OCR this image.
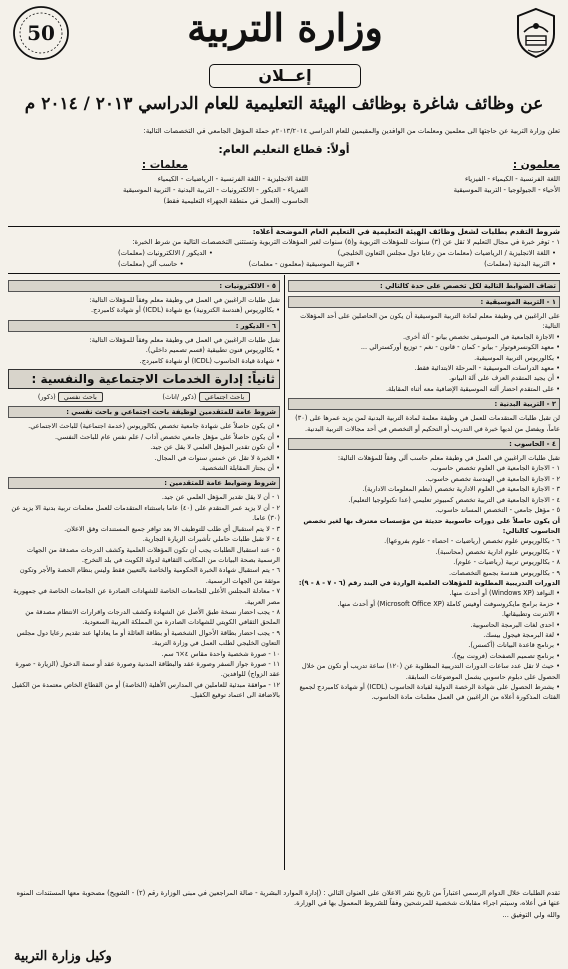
وزارة التربية
50
إعــلان
عن وظائف شاغرة بوظائف الهيئة التعليمية للعام الدراسي ٢٠١٣ / ٢٠١٤ م
تعلن وزارة التربية عن حاجتها الى معلمين ومعلمات من الوافدين والمقيمين للعام الدراسي ٢٠١٣/٢٠١٤م حملة المؤهل الجامعي في التخصصات التالية:
أولاً: قطاع التعليم العام:
معلمون :
اللغة الفرنسية - الكيمياء - الفيزياء
الأحياء - الجيولوجيا - التربية الموسيقية
معلمات :
اللغة الانجليزية - اللغة الفرنسية - الرياضيات - الكيمياء
الفيزياء - الديكور - الالكترونيات - التربية البدنية - التربية الموسيقية
الحاسوب (العمل في منطقة الجهراء التعليمية فقط)
شروط التقدم بطلبات لشغل وظائف الهيئة التعليمية في التعليم العام الموضحة أعلاه:
١ - توفر خبرة في مجال التعليم لا تقل عن (٣) سنوات للمؤهلات التربوية و(٥) سنوات لغير المؤهلات التربوية وتستثنى التخصصات التالية من شرط الخبرة:
• اللغة الانجليزية / الرياضيات (معلمات من رعايا دول مجلس التعاون الخليجي)
• الديكور / الالكترونيات (معلمات)
• التربية البدنية (معلمات)
• التربية الموسيقية (معلمون - معلمات)
• حاسب آلي (معلمات)
تضاف الضوابط التالية لكل تخصص على حدة كالتالي :
١ - التربية الموسيقية :
على الراغبين في وظيفة معلم لمادة التربية الموسيقية أن يكون من الحاصلين على أحد المؤهلات التالية:
• الاجازة الجامعية في الموسيقى تخصص بيانو - آلة أخرى.
• معهد الكونسرفوتوار - بيانو - كمان - قانون - نغم - توزيع أوركسترالي ...
• بكالوريوس التربية الموسيقية.
• معهد الدراسات الموسيقية - المرحلة الابتدائية فقط.
• أن يجيد المتقدم العزف على آلة البيانو.
• على المتقدم احضار آلته الموسيقية الإضافية معه أثناء المقابلة.
٢ - التربية البدنية :
لن تقبل طلبات المتقدمات للعمل في وظيفة معلمة لمادة التربية البدنية لمن يزيد عمرها على (٣٠) عاماً، ويفضل من لديها خبرة في التدريب أو التحكيم أو التخصص في أحد مجالات التربية البدنية.
٤ - الحاسوب :
تقبل طلبات الراغبين في العمل في وظيفة معلم حاسب آلي وفقاً للمؤهلات التالية:
١ - الاجازة الجامعية في العلوم تخصص حاسوب.
٢ - الاجازة الجامعية في الهندسة تخصص حاسوب.
٣ - الاجازة الجامعية في العلوم الادارية تخصص (نظم المعلومات الادارية).
٤ - الاجازة الجامعية في التربية تخصص كمبيوتر تعليمي (عدا تكنولوجيا التعليم).
٥ - مؤهل جامعي - التخصص المساند حاسوب.
أن يكون حاصلاً على دورات حاسوبية حديثة من مؤسسات معترف بها لغير تخصص الحاسوب كالتالي:
٦ - بكالوريوس علوم تخصص (رياضيات - احصاء - علوم بفروعها).
٧ - بكالوريوس علوم ادارية تخصص (محاسبة).
٨ - بكالوريوس تربية (رياضيات - علوم).
٩ - بكالوريوس هندسة بجميع التخصصات.
الدورات التدريبية المطلوبة للمؤهلات العلمية الواردة في البند رقم (٦ - ٧ - ٨ - ٩):
• النوافذ (Windows XP) أو أحدث منها.
• حزمة برامج مايكروسوفت أوفيس كاملة (Microsoft Office XP) أو أحدث منها.
• الانترنت وتطبيقاتها.
• احدى لغات البرمجة الحاسوبية.
• لغة البرمجة فيجول بيسك.
• برنامج قاعدة البيانات (أكسس).
• برنامج تصميم الصفحات (فرونت بيج).
• حيث لا تقل عدد ساعات الدورات التدريبية المطلوبة عن (١٢٠) ساعة تدريب أو تكون من خلال الحصول على دبلوم حاسوبي يشمل الموضوعات السابقة.
• يشترط الحصول على شهادة الرخصة الدولية لقيادة الحاسوب (ICDL) أو شهادة كامبردج لجميع الفئات المذكورة أعلاه من الراغبين في العمل معلمات مادة الحاسوب.
٥ - الالكترونيات :
تقبل طلبات الراغبين في العمل في وظيفة معلم وفقاً للمؤهلات التالية:
• بكالوريوس (هندسة الكترونية) مع شهادة (ICDL) أو شهادة كامبردج.
٦ - الديكور :
تقبل طلبات الراغبين في العمل في وظيفة معلم وفقاً للمؤهلات التالية:
• بكالوريوس فنون تطبيقية (قسم تصميم داخلي).
• شهادة قيادة الحاسوب (ICDL) أو شهادة كامبردج.
ثانياً: إدارة الخدمات الاجتماعية والنفسية :
باحث اجتماعي (ذكور /اناث)
باحث نفسي (ذكور)
شروط عامة للمتقدمين لوظيفة باحث اجتماعي و باحث نفسي :
• ان يكون حاصلاً على شهادة جامعية تخصص بكالوريوس (خدمة اجتماعية) للباحث الاجتماعي.
• أن يكون حاصلاً على مؤهل جامعي تخصص آداب / علم نفس عام للباحث النفسي.
• أن تكون تقدير المؤهل العلمي لا يقل عن جيد.
• الخبرة لا تقل عن خمس سنوات في المجال.
• أن يجتاز المقابلة الشخصية.
شروط وضوابط عامة للمتقدمين :
١ - أن لا يقل تقدير المؤهل العلمي عن جيد.
٢ - أن لا يزيد عمر المتقدم على (٤٠) عاما باستثناء المتقدمات للعمل معلمات تربية بدنية الا يزيد عن (٣٠) عاما.
٣ - لا يتم استقبال أي طلب للتوظيف الا بعد توافر جميع المستندات وفق الاعلان.
٤ - لا تقبل طلبات حاملي تأشيرات الزيارة التجارية.
٥ - عند استقبال الطلبات يجب أن تكون المؤهلات العلمية وكشف الدرجات مصدقة من الجهات الرسمية بصحة البيانات من المكاتب الثقافية لدولة الكويت في بلد التخرج.
٦ - يتم استقبال شهادة الخبرة الحكومية والخاصة بالتعيين فقط وليس بنظام الحصة والأجر وتكون موثقة من الجهات الرسمية.
٧ - معادلة المجلس الأعلى للجامعات الخاصة للشهادات الصادرة عن الجامعات الخاصة في جمهورية مصر العربية.
٨ - يجب احضار نسخة طبق الأصل عن الشهادة وكشف الدرجات واقرارات الانتظام مصدقة من الملحق الثقافي الكويتي للشهادات الصادرة من المملكة العربية السعودية.
٩ - يجب احضار بطاقة الأحوال الشخصية أو بطاقة العائلة أو ما يعادلها عند تقديم رعايا دول مجلس التعاون الخليجي لطلب العمل في وزارة التربية.
١٠ - صورة شخصية واحدة مقاس ٤×٦ سم.
١١ - صورة جواز السفر وصورة عقد والبطاقة المدنية وصورة عقد أو سمة الدخول (الزيارة - صورة عقد الزواج) للوافدين.
١٢ - موافقة مبدئية للعاملين في المدارس الأهلية (الخاصة) أو من القطاع الخاص معتمدة من الكفيل بالاضافة الى اعتماد توقيع الكفيل.
تقدم الطلبات خلال الدوام الرسمي اعتباراً من تاريخ نشر الاعلان على العنوان التالي : (إدارة الموارد البشرية - صالة المراجعين في مبنى الوزارة رقم (٢) - الشويخ) مصحوبة معها المستندات المنوه عنها في أعلاه، وسيتم اجراء مقابلات شخصية للمرشحين وفقاً للشروط المعمول بها في الوزارة.
والله ولي التوفيق ...
وكيل وزارة التربية
